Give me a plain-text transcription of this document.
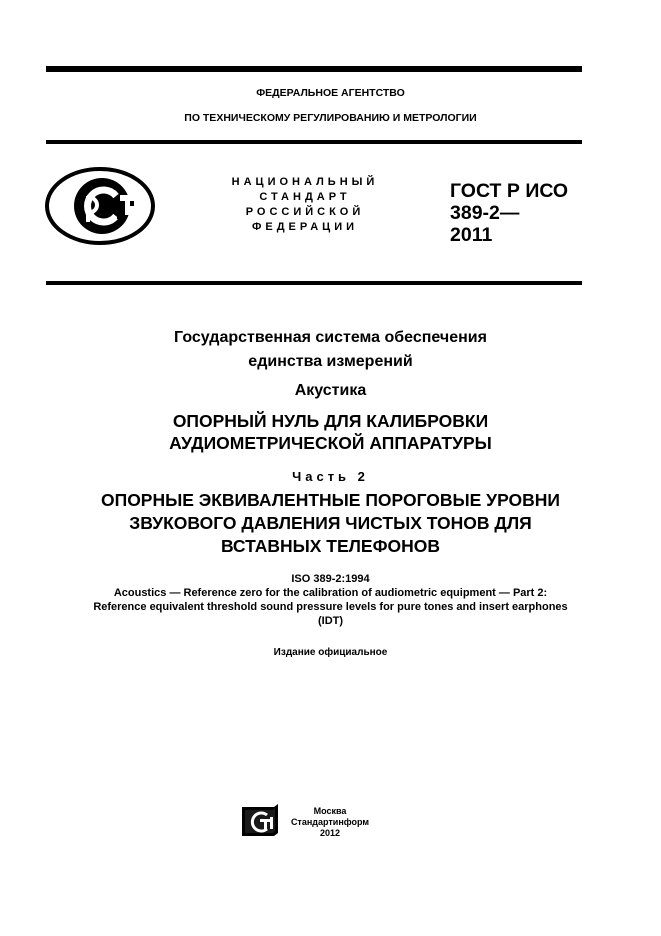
ФЕДЕРАЛЬНОЕ АГЕНТСТВО
ПО ТЕХНИЧЕСКОМУ РЕГУЛИРОВАНИЮ И МЕТРОЛОГИИ
НАЦИОНАЛЬНЫЙ
СТАНДАРТ
РОССИЙСКОЙ
ФЕДЕРАЦИИ
ГОСТ Р ИСО
389-2—
2011
Государственная система обеспечения
единства измерений
Акустика
ОПОРНЫЙ НУЛЬ ДЛЯ КАЛИБРОВКИ
АУДИОМЕТРИЧЕСКОЙ АППАРАТУРЫ
Часть 2
ОПОРНЫЕ ЭКВИВАЛЕНТНЫЕ ПОРОГОВЫЕ УРОВНИ
ЗВУКОВОГО ДАВЛЕНИЯ ЧИСТЫХ ТОНОВ ДЛЯ
ВСТАВНЫХ ТЕЛЕФОНОВ
ISO 389-2:1994
Acoustics — Reference zero for the calibration of audiometric equipment — Part 2:
Reference equivalent threshold sound pressure levels for pure tones and insert earphones
(IDT)
Издание официальное
Москва
Стандартинформ
2012
